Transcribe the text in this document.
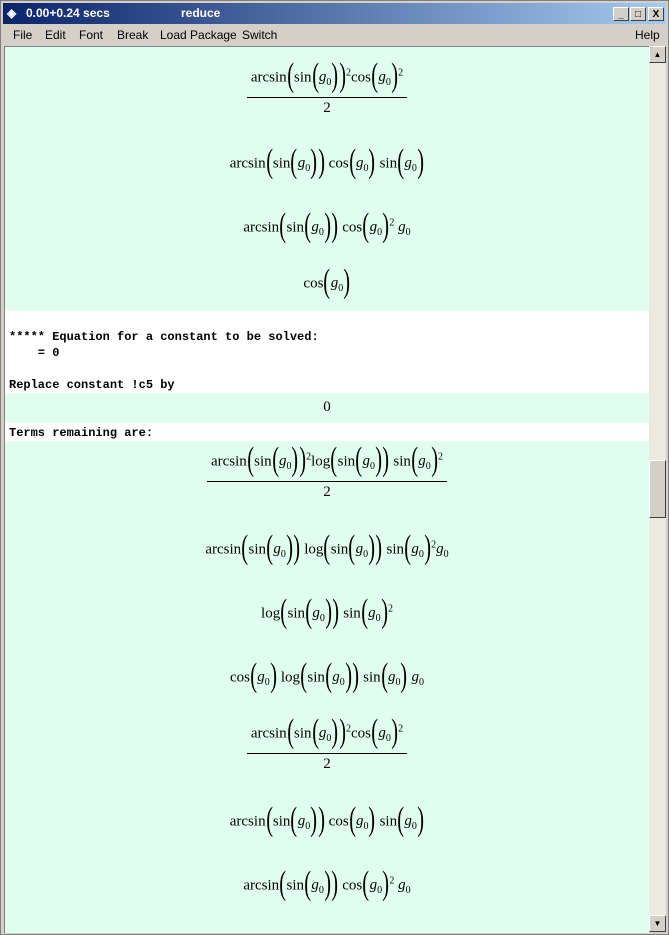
◈ 0.00+0.24 secs	reduce	_	□	X
File Edit Font Break Load Package Switch	Help
$\frac{\arcsin(\sin(g_0))^2\cos(g_0)^2}{2}$
$\arcsin(\sin(g_0))$ $\cos(g_0)$ $\sin(g_0)$
$\arcsin(\sin(g_0))$ $\cos(g_0)^2$ $g_0$
$\cos(g_0)$
***** Equation for a constant to be solved:
= 0
Replace constant !c5 by
0
Terms remaining are:
$\frac{\arcsin(\sin(g_0))^2\log(\sin(g_0)) \sin(g_0)^2}{2}$
$\arcsin(\sin(g_0))$ $\log(\sin(g_0))$ $\sin(g_0)^2g_0$
$\log(\sin(g_0))$ $\sin(g_0)^2$
$\cos(g_0)$ $\log(\sin(g_0))$ $\sin(g_0)$ $g_0$
$\frac{\arcsin(\sin(g_0))^2\cos(g_0)^2}{2}$
$\arcsin(\sin(g_0))$ $\cos(g_0)$ $\sin(g_0)$
$\arcsin(\sin(g_0))$ $\cos(g_0)^2$ $g_0$
▲
▼
